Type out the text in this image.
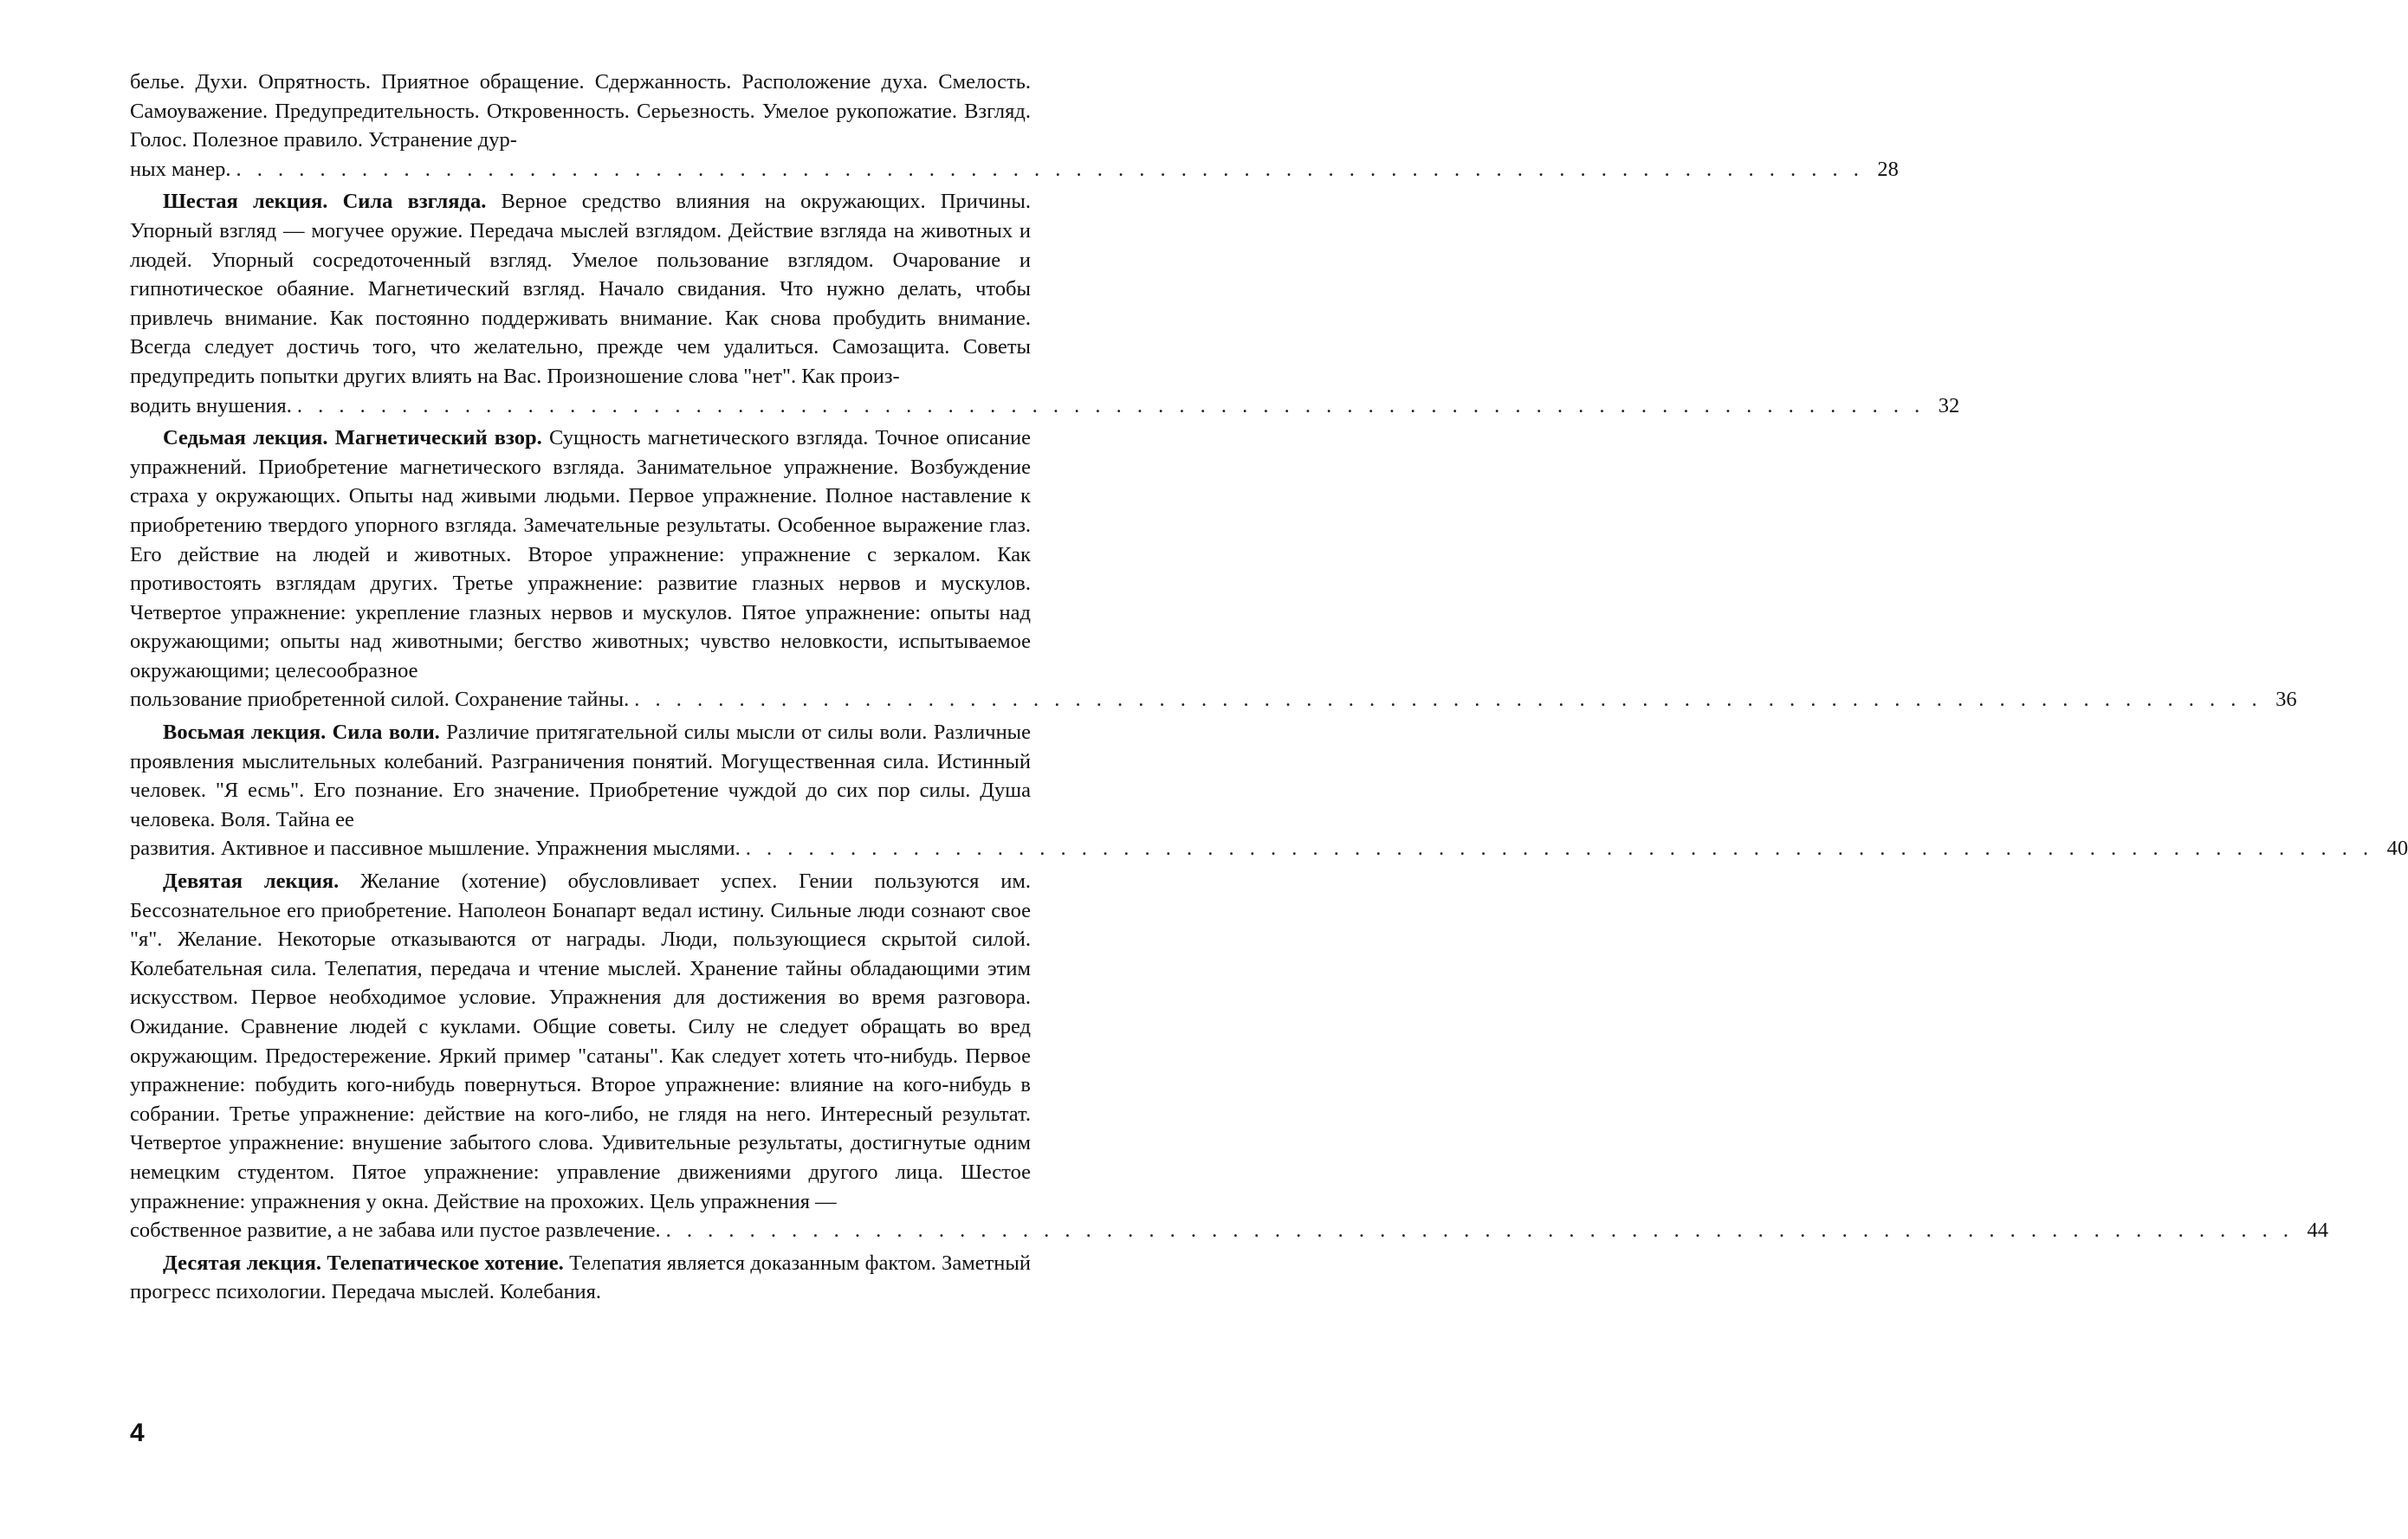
белье. Духи. Опрятность. Приятное обращение. Сдержанность. Расположение духа. Смелость. Самоуважение. Предупредительность. Откровенность. Серьезность. Умелое рукопожатие. Взгляд. Голос. Полезное правило. Устранение дур-
ных манер. . . . . . . . . . . . . . . . . . . . . . . . . . . . . . . . . . . . . . . . . . . . . . . . . . . . . . . . . . . . . . . . . . . . . . . . . . . . . . . 28
Шестая лекция. Сила взгляда. Верное средство влияния на окружающих. Причины. Упорный взгляд — могучее оружие. Передача мыслей взглядом. Действие взгляда на животных и людей. Упорный сосредоточенный взгляд. Умелое пользование взглядом. Очарование и гипнотическое обаяние. Магнетический взгляд. Начало свидания. Что нужно делать, чтобы привлечь внимание. Как постоянно поддерживать внимание. Как снова пробудить внимание. Всегда следует достичь того, что желательно, прежде чем удалиться. Самозащита. Советы предупредить попытки других влиять на Вас. Произношение слова "нет". Как произ-
водить внушения. . . . . . . . . . . . . . . . . . . . . . . . . . . . . . . . . . . . . . . . . . . . . . . . . . . . . . . . . . . . . . . . . . . . . . . . . . . . . . . 32
Седьмая лекция. Магнетический взор. Сущность магнетического взгляда. Точное описание упражнений. Приобретение магнетического взгляда. Занимательное упражнение. Возбуждение страха у окружающих. Опыты над живыми людьми. Первое упражнение. Полное наставление к приобретению твердого упорного взгляда. Замечательные результаты. Особенное выражение глаз. Его действие на людей и животных. Второе упражнение: упражнение с зеркалом. Как противостоять взглядам других. Третье упражнение: развитие глазных нервов и мускулов. Четвертое упражнение: укрепление глазных нервов и мускулов. Пятое упражнение: опыты над окружающими; опыты над животными; бегство животных; чувство неловкости, испытываемое окружающими; целесообразное
пользование приобретенной силой. Сохранение тайны. . . . . . . . . . . . . . . . . . . . . . . . . . . . . . . . . . . . . . . . . . . . . . . . . . . . . . . . . . . . . . . . . . . . . . . . . . . . . . . 36
Восьмая лекция. Сила воли. Различие притягательной силы мысли от силы воли. Различные проявления мыслительных колебаний. Разграничения понятий. Могущественная сила. Истинный человек. "Я есмь". Его познание. Его значение. Приобретение чуждой до сих пор силы. Душа человека. Воля. Тайна ее
развития. Активное и пассивное мышление. Упражнения мыслями. . . . . . . . . . . . . . . . . . . . . . . . . . . . . . . . . . . . . . . . . . . . . . . . . . . . . . . . . . . . . . . . . . . . . . . . . . . . . . . 40
Девятая лекция. Желание (хотение) обусловливает успех. Гении пользуются им. Бессознательное его приобретение. Наполеон Бонапарт ведал истину. Сильные люди сознают свое "я". Желание. Некоторые отказываются от награды. Люди, пользующиеся скрытой силой. Колебательная сила. Телепатия, передача и чтение мыслей. Хранение тайны обладающими этим искусством. Первое необходимое условие. Упражнения для достижения во время разговора. Ожидание. Сравнение людей с куклами. Общие советы. Силу не следует обращать во вред окружающим. Предостережение. Яркий пример "сатаны". Как следует хотеть что-нибудь. Первое упражнение: побудить кого-нибудь повернуться. Второе упражнение: влияние на кого-нибудь в собрании. Третье упражнение: действие на кого-либо, не глядя на него. Интересный результат. Четвертое упражнение: внушение забытого слова. Удивительные результаты, достигнутые одним немецким студентом. Пятое упражнение: управление движениями другого лица. Шестое упражнение: упражнения у окна. Действие на прохожих. Цель упражнения —
собственное развитие, а не забава или пустое развлечение. . . . . . . . . . . . . . . . . . . . . . . . . . . . . . . . . . . . . . . . . . . . . . . . . . . . . . . . . . . . . . . . . . . . . . . . . . . . . . . 44
Десятая лекция. Телепатическое хотение. Телепатия является доказанным фактом. Заметный прогресс психологии. Передача мыслей. Колебания.
4
